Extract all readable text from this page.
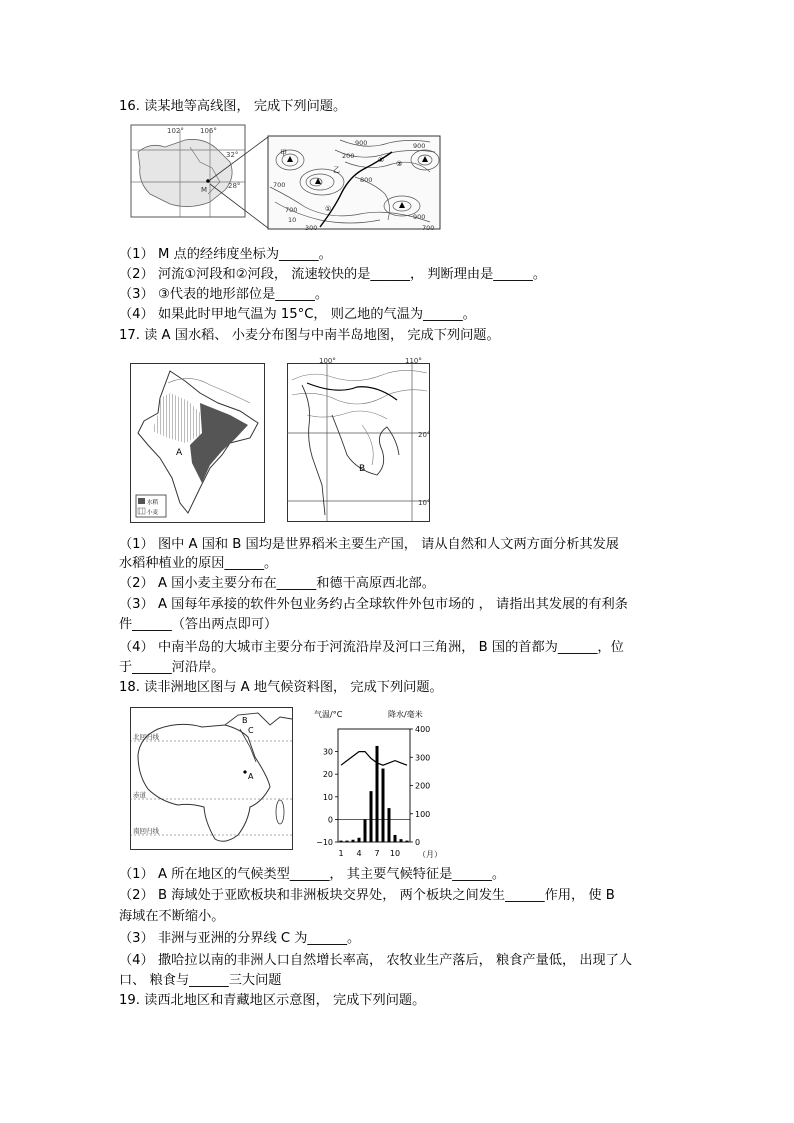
16. 读某地等高线图， 完成下列问题。
102° 106°
32°
28°
M
900
200
700
900
900
700
300
700
10
800
①
② ③
甲
乙
（1） M 点的经纬度坐标为______。
（2） 河流①河段和②河段， 流速较快的是______， 判断理由是______。
（3） ③代表的地形部位是______。
（4） 如果此时甲地气温为 15°C， 则乙地的气温为______。
17. 读 A 国水稻、 小麦分布图与中南半岛地图， 完成下列问题。
A
水稻
小麦
100°	110°
20°
10°
B
（1） 图中 A 国和 B 国均是世界稻米主要生产国， 请从自然和人文两方面分析其发展
水稻种植业的原因______。
（2） A 国小麦主要分布在______和德干高原西北部。
（3） A 国每年承接的软件外包业务约占全球软件外包市场的 ， 请指出其发展的有利条
件______（答出两点即可）
（4） 中南半岛的大城市主要分布于河流沿岸及河口三角洲， B 国的首都为______，位
于______河沿岸。
18. 读非洲地区图与 A 地气候资料图， 完成下列问题。
北回归线
赤道
南回归线
A
B
C
气温/°C	降水/毫米
−10
0
10
20
30
0
100
200
300
400
1 4 7 10 （月）
（1） A 所在地区的气候类型______， 其主要气候特征是______。
（2） B 海域处于亚欧板块和非洲板块交界处， 两个板块之间发生______作用， 使 B
海域在不断缩小。
（3） 非洲与亚洲的分界线 C 为______。
（4） 撒哈拉以南的非洲人口自然增长率高， 农牧业生产落后， 粮食产量低， 出现了人
口、 粮食与______三大问题
19. 读西北地区和青藏地区示意图， 完成下列问题。
